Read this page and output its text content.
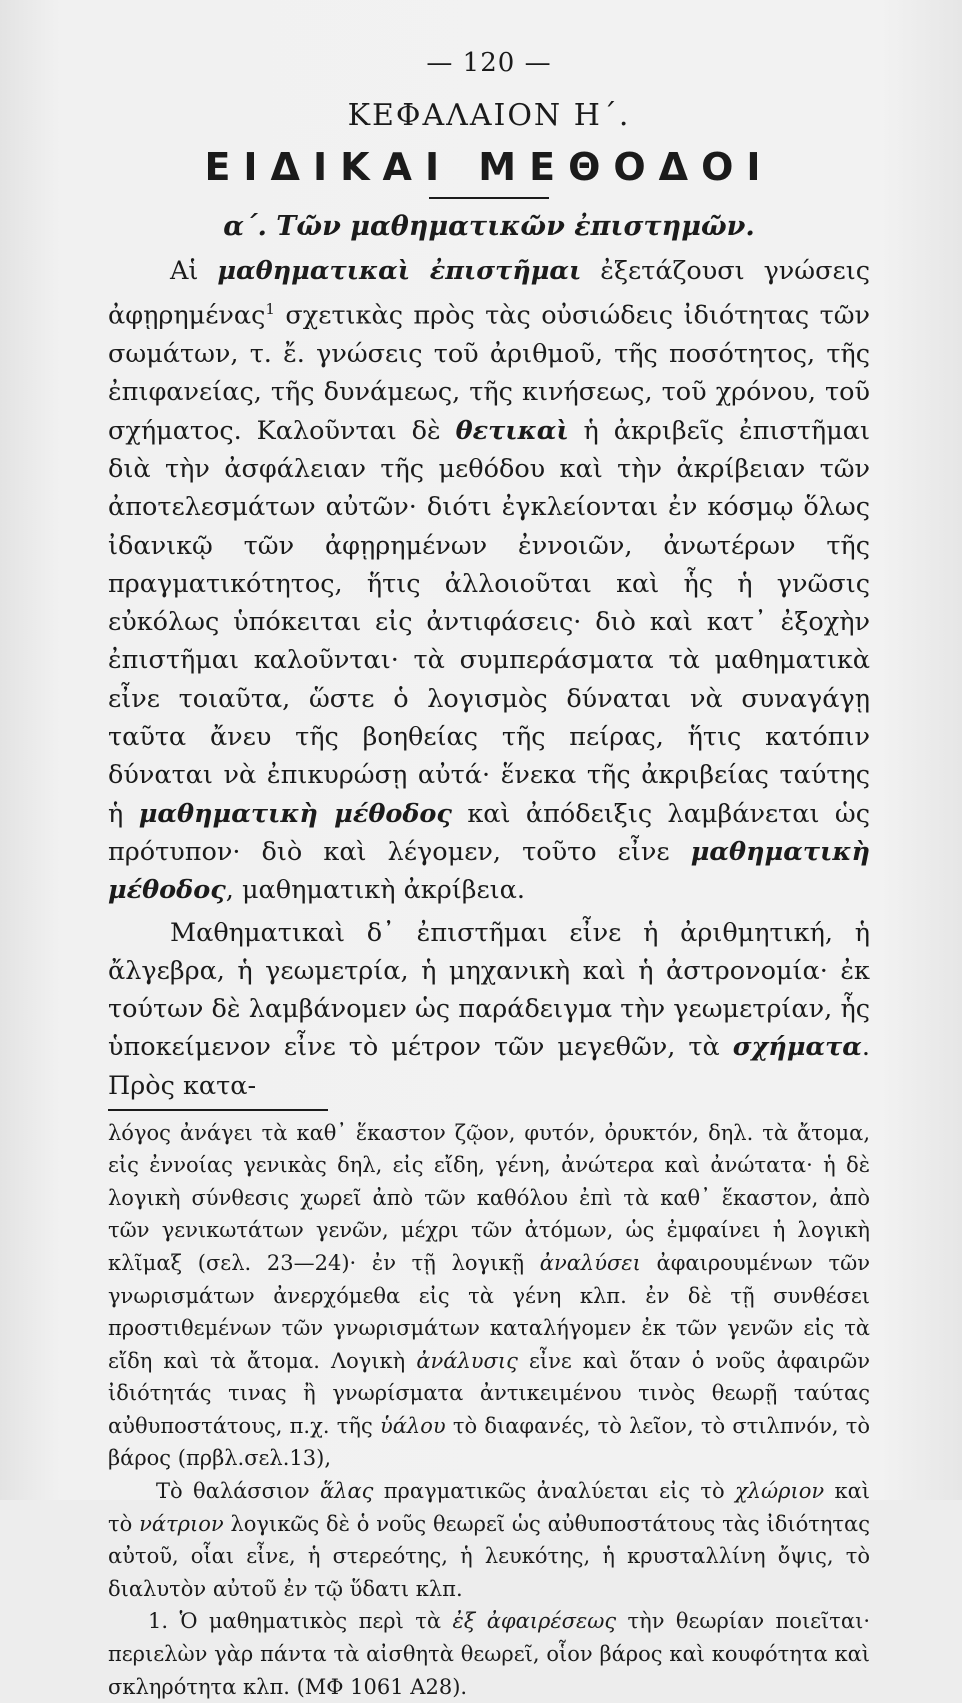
— 120 —
ΚΕΦΑΛΑΙΟΝ Η΄.
ΕΙΔΙΚΑΙ ΜΕΘΟΔΟΙ
α΄. Τῶν μαθηματικῶν ἐπιστημῶν.

Αἱ μαθηματικαὶ ἐπιστῆμαι ἐξετάζουσι γνώσεις ἀφῃρημένας$^1$ σχετικὰς πρὸς τὰς οὐσιώδεις ἰδιότητας τῶν σωμάτων, τ. ἔ. γνώσεις τοῦ ἀριθμοῦ, τῆς ποσότητος, τῆς ἐπιφανείας, τῆς δυνάμεως, τῆς κινήσεως, τοῦ χρόνου, τοῦ σχήματος. Καλοῦνται δὲ θετικαὶ ἡ ἀκριβεῖς ἐπιστῆμαι διὰ τὴν ἀσφάλειαν τῆς μεθόδου καὶ τὴν ἀκρίβειαν τῶν ἀποτελεσμάτων αὐτῶν· διότι ἐγκλείονται ἐν κόσμῳ ὅλως ἰδανικῷ τῶν ἀφῃρημένων ἐννοιῶν, ἀνωτέρων τῆς πραγματικότητος, ἥτις ἀλλοιοῦται καὶ ἧς ἡ γνῶσις εὐκόλως ὑπόκειται εἰς ἀντιφάσεις· διὸ καὶ κατ᾿ ἐξοχὴν ἐπιστῆμαι καλοῦνται· τὰ συμπεράσματα τὰ μαθηματικὰ εἶνε τοιαῦτα, ὥστε ὁ λογισμὸς δύναται νὰ συναγάγῃ ταῦτα ἄνευ τῆς βοηθείας τῆς πείρας, ἥτις κατόπιν δύναται νὰ ἐπικυρώσῃ αὐτά· ἕνεκα τῆς ἀκριβείας ταύτης ἡ μαθηματικὴ μέθοδος καὶ ἀπόδειξις λαμβάνεται ὡς πρότυπον· διὸ καὶ λέγομεν, τοῦτο εἶνε μαθηματικὴ μέθοδος, μαθηματικὴ ἀκρίβεια.

Μαθηματικαὶ δ᾿ ἐπιστῆμαι εἶνε ἡ ἀριθμητική, ἡ ἄλγεβρα, ἡ γεωμετρία, ἡ μηχανικὴ καὶ ἡ ἀστρονομία· ἐκ τούτων δὲ λαμβάνομεν ὡς παράδειγμα τὴν γεωμετρίαν, ἧς ὑποκείμενον εἶνε τὸ μέτρον τῶν μεγεθῶν, τὰ σχήματα. Πρὸς κατα-

λόγος ἀνάγει τὰ καθ᾿ ἕκαστον ζῷον, φυτόν, ὀρυκτόν, δηλ. τὰ ἄτομα, εἰς ἐννοίας γενικὰς δηλ, εἰς εἴδη, γένη, ἀνώτερα καὶ ἀνώτατα· ἡ δὲ λογικὴ σύνθεσις χωρεῖ ἀπὸ τῶν καθόλου ἐπὶ τὰ καθ᾿ ἕκαστον, ἀπὸ τῶν γενικωτάτων γενῶν, μέχρι τῶν ἀτόμων, ὡς ἐμφαίνει ἡ λογικὴ κλῖμαξ (σελ. 23—24)· ἐν τῇ λογικῇ ἀναλύσει ἀφαιρουμένων τῶν γνωρισμάτων ἀνερχόμεθα εἰς τὰ γένη κλπ. ἐν δὲ τῇ συνθέσει προστιθεμένων τῶν γνωρισμάτων καταλήγομεν ἐκ τῶν γενῶν εἰς τὰ εἴδη καὶ τὰ ἄτομα. Λογικὴ ἀνάλυσις εἶνε καὶ ὅταν ὁ νοῦς ἀφαιρῶν ἰδιότητάς τινας ἢ γνωρίσματα ἀντικειμένου τινὸς θεωρῇ ταύτας αὐθυποστάτους, π.χ. τῆς ὑάλου τὸ διαφανές, τὸ λεῖον, τὸ στιλπνόν, τὸ βάρος (πρβλ.σελ.13),

Τὸ θαλάσσιον ἅλας πραγματικῶς ἀναλύεται εἰς τὸ χλώριον καὶ τὸ νάτριον λογικῶς δὲ ὁ νοῦς θεωρεῖ ὡς αὐθυποστάτους τὰς ἰδιότητας αὐτοῦ, οἷαι εἶνε, ἡ στερεότης, ἡ λευκότης, ἡ κρυσταλλίνη ὄψις, τὸ διαλυτὸν αὐτοῦ ἐν τῷ ὕδατι κλπ.

1. Ὁ μαθηματικὸς περὶ τὰ ἐξ ἀφαιρέσεως τὴν θεωρίαν ποιεῖται· περιελὼν γὰρ πάντα τὰ αἰσθητὰ θεωρεῖ, οἷον βάρος καὶ κουφότητα καὶ σκληρότητα κλπ. (ΜΦ 1061 Α28).
